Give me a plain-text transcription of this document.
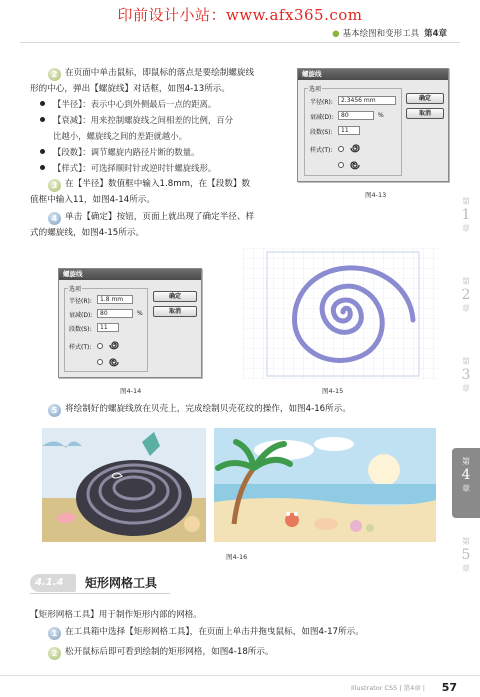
印前设计小站：www.afx365.com
● 基本绘图和变形工具 第4章
2 在页面中单击鼠标，即鼠标的落点是要绘制螺旋线
形的中心，弹出【螺旋线】对话框，如图4-13所示。
【半径】：表示中心到外侧最后一点的距离。
【衰减】：用来控制螺旋线之间相差的比例，百分
比越小，螺旋线之间的差距就越小。
【段数】：调节螺旋内路径片断的数量。
【样式】：可选择顺时针或逆时针螺旋线形。
3 在【半径】数值框中输入1.8mm，在【段数】数
值框中输入11，如图4-14所示。
4 单击【确定】按钮，页面上就出现了确定半径、样
式的螺旋线，如图4-15所示。
螺旋线
选项
半径(R):	2.3456 mm
衰减(D):	80	%
段数(S):	11
样式(T):
确定
取消
图4-13
螺旋线
选项
半径(R):	1.8 mm
衰减(D):	80	%
段数(S):	11
样式(T):
确定
取消
图4-14	图4-15
5 将绘制好的螺旋线放在贝壳上，完成绘制贝壳花纹的操作，如图4-16所示。
图4-16
第
1
章
第
2
章
第
3
章
第
4
章
第
5
章
4.1.4	矩形网格工具
【矩形网格工具】用于制作矩形内部的网格。
1 在工具箱中选择【矩形网格工具】，在页面上单击并拖曳鼠标，如图4-17所示。
2 松开鼠标后即可看到绘制的矩形网格，如图4-18所示。
Illustrator CS5 | 第4章 | 57
